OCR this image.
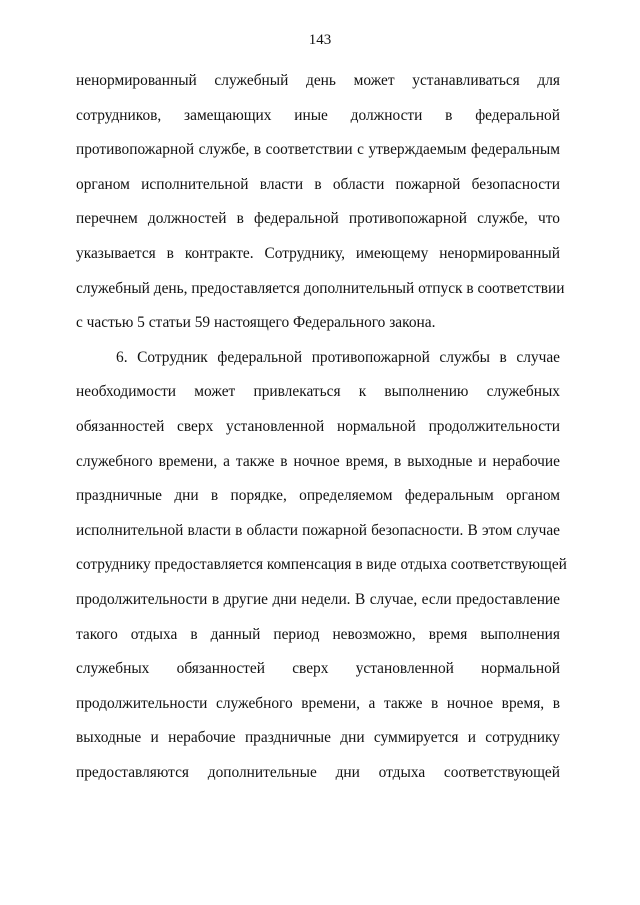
143
ненормированный служебный день может устанавливаться для
сотрудников, замещающих иные должности в федеральной
противопожарной службе, в соответствии с утверждаемым федеральным
органом исполнительной власти в области пожарной безопасности
перечнем должностей в федеральной противопожарной службе, что
указывается в контракте. Сотруднику, имеющему ненормированный
служебный день, предоставляется дополнительный отпуск в соответствии
с частью 5 статьи 59 настоящего Федерального закона.
6. Сотрудник федеральной противопожарной службы в случае
необходимости может привлекаться к выполнению служебных
обязанностей сверх установленной нормальной продолжительности
служебного времени, а также в ночное время, в выходные и нерабочие
праздничные дни в порядке, определяемом федеральным органом
исполнительной власти в области пожарной безопасности. В этом случае
сотруднику предоставляется компенсация в виде отдыха соответствующей
продолжительности в другие дни недели. В случае, если предоставление
такого отдыха в данный период невозможно, время выполнения
служебных обязанностей сверх установленной нормальной
продолжительности служебного времени, а также в ночное время, в
выходные и нерабочие праздничные дни суммируется и сотруднику
предоставляются дополнительные дни отдыха соответствующей
